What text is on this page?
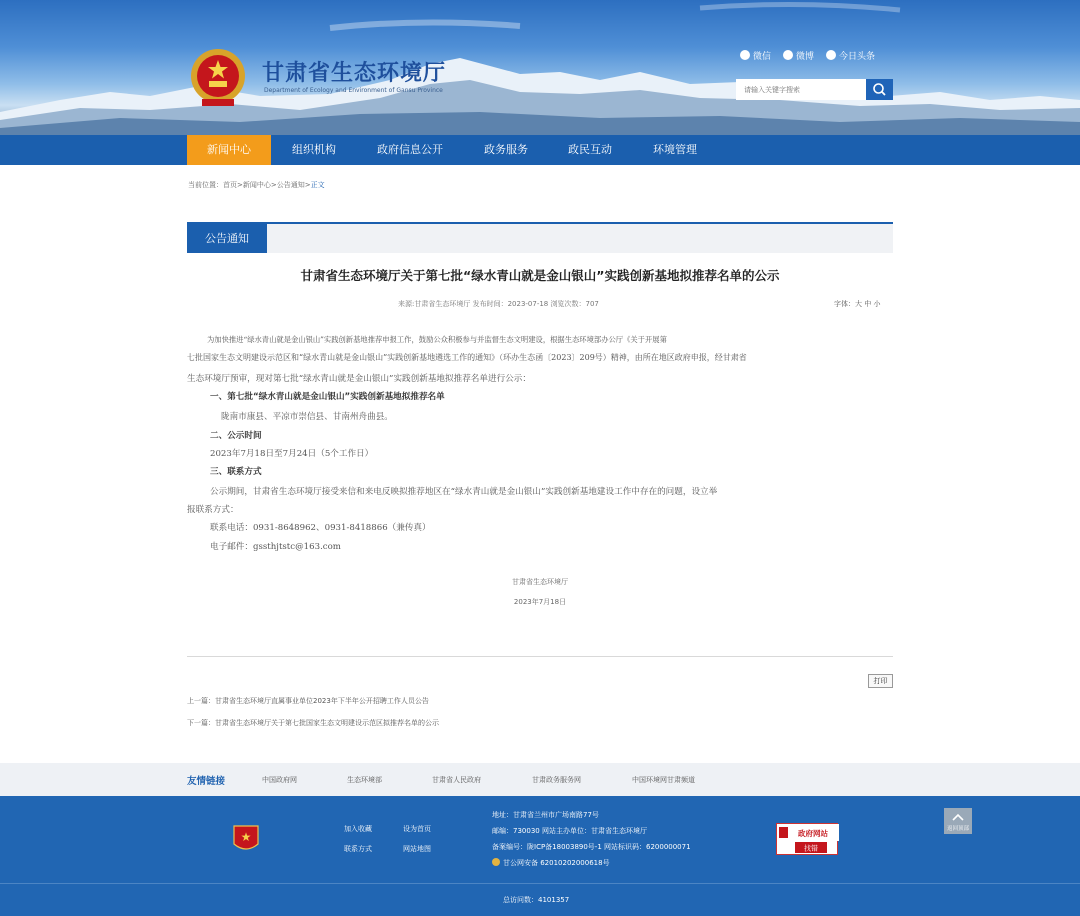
甘肃省生态环境厅
Department of Ecology and Environment of Gansu Province
微信	微博	今日头条
请输入关键字搜索
新闻中心	组织机构	政府信息公开	政务服务	政民互动	环境管理
当前位置：首页>新闻中心>公告通知>正文
公告通知
甘肃省生态环境厅关于第七批“绿水青山就是金山银山”实践创新基地拟推荐名单的公示
来源:甘肃省生态环境厅 发布时间：2023-07-18 浏览次数：707	字体：大 中 小
为加快推进“绿水青山就是金山银山”实践创新基地推荐申报工作，鼓励公众积极参与并监督生态文明建设，根据生态环境部办公厅《关于开展第
七批国家生态文明建设示范区和“绿水青山就是金山银山”实践创新基地遴选工作的通知》（环办生态函〔2023〕209号）精神，由所在地区政府申报，经甘肃省
生态环境厅预审，现对第七批“绿水青山就是金山银山”实践创新基地拟推荐名单进行公示：
一、第七批“绿水青山就是金山银山”实践创新基地拟推荐名单
陇南市康县、平凉市崇信县、甘南州舟曲县。
二、公示时间
2023年7月18日至7月24日（5个工作日）
三、联系方式
公示期间，甘肃省生态环境厅接受来信和来电反映拟推荐地区在“绿水青山就是金山银山”实践创新基地建设工作中存在的问题，设立举
报联系方式：
联系电话：0931-8648962、0931-8418866（兼传真）
电子邮件：gssthjtstc@163.com
甘肃省生态环境厅
2023年7月18日
打印
上一篇：甘肃省生态环境厅直属事业单位2023年下半年公开招聘工作人员公告
下一篇：甘肃省生态环境厅关于第七批国家生态文明建设示范区拟推荐名单的公示
友情链接	中国政府网	生态环境部	甘肃省人民政府	甘肃政务服务网	中国环境网甘肃频道
★
加入收藏	设为首页
联系方式	网站地图
地址：甘肃省兰州市广场南路77号
邮编：730030 网站主办单位：甘肃省生态环境厅
备案编号：陇ICP备18003890号-1 网站标识码：6200000071
甘公网安备 62010202000618号
政府网站
找错
返回顶部
总访问数：4101357
